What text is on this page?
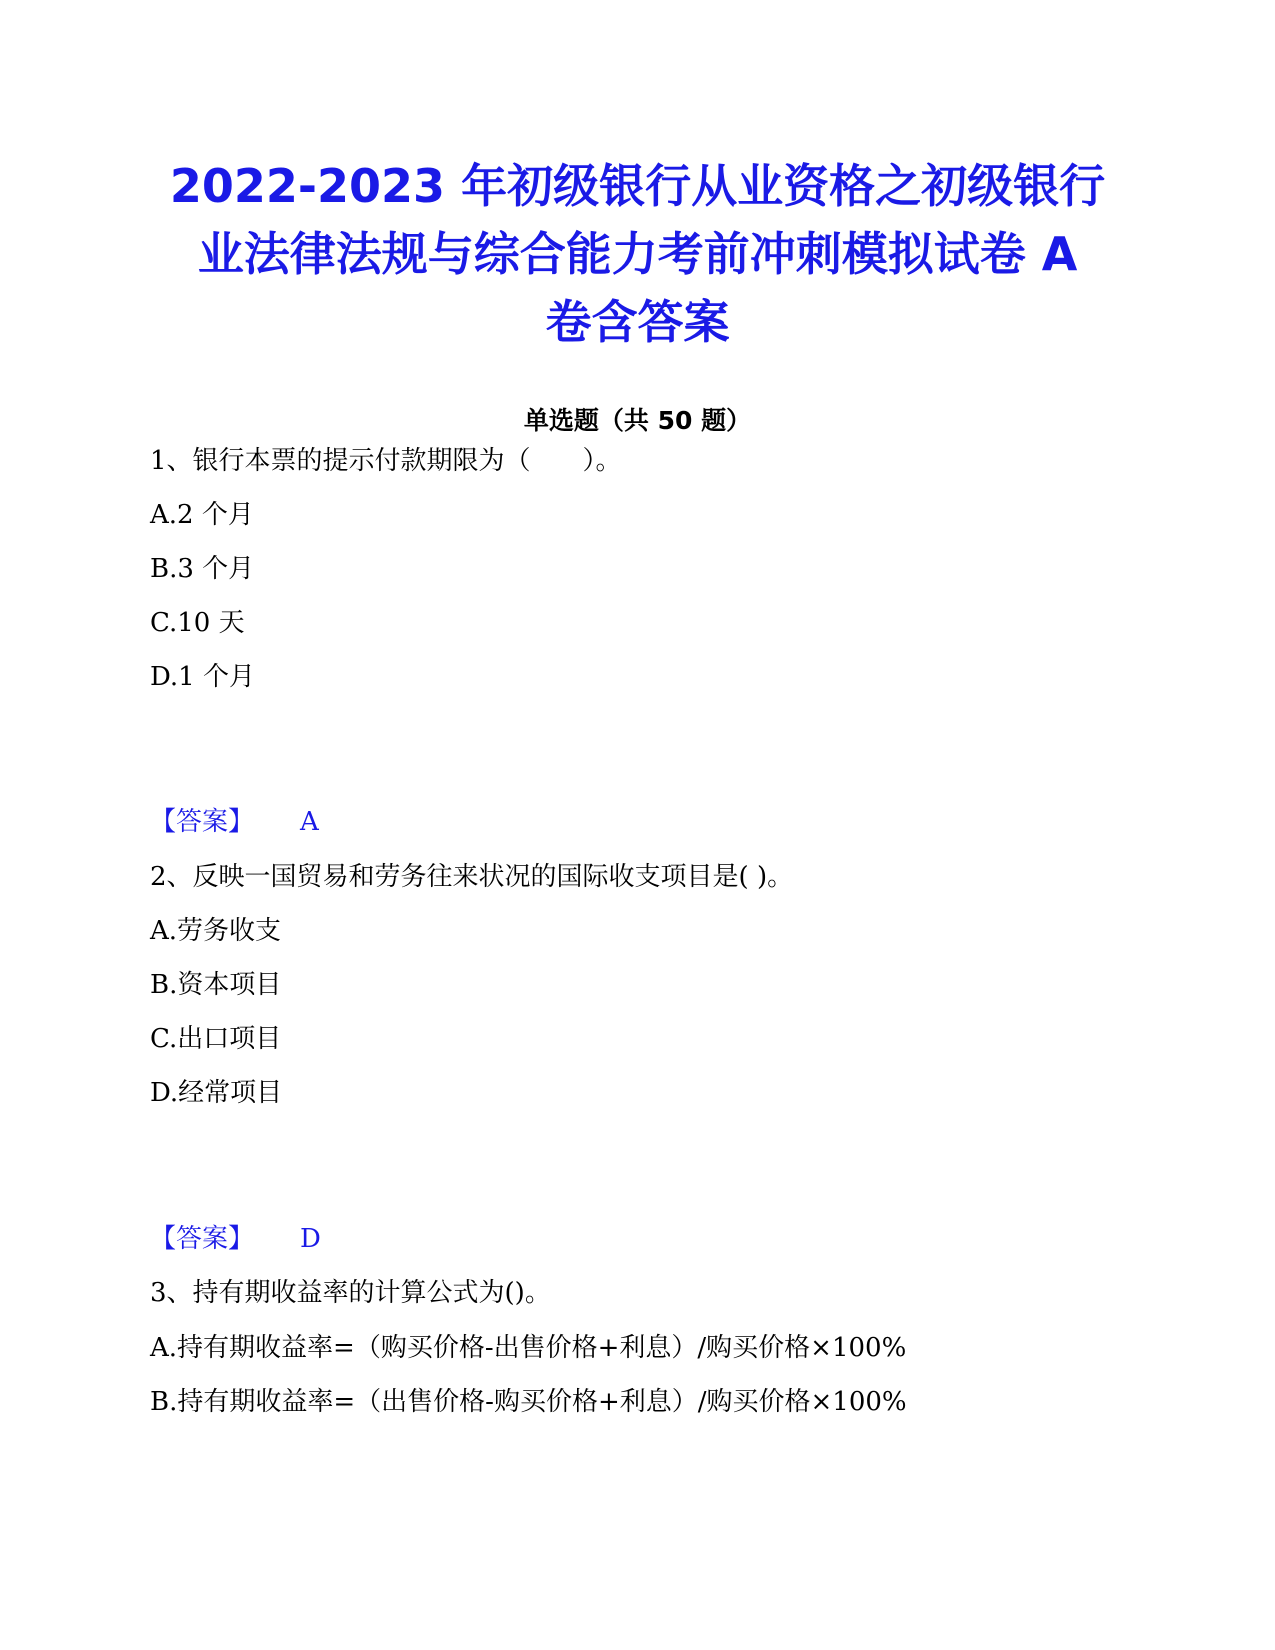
2022-2023 年初级银行从业资格之初级银行
业法律法规与综合能力考前冲刺模拟试卷 A
卷含答案
单选题（共 50 题）
1、银行本票的提示付款期限为（　　）。
A.2 个月
B.3 个月
C.10 天
D.1 个月
【答案】 A
2、反映一国贸易和劳务往来状况的国际收支项目是( )。
A.劳务收支
B.资本项目
C.出口项目
D.经常项目
【答案】 D
3、持有期收益率的计算公式为()。
A.持有期收益率=（购买价格-出售价格+利息）/购买价格×100%
B.持有期收益率=（出售价格-购买价格+利息）/购买价格×100%
